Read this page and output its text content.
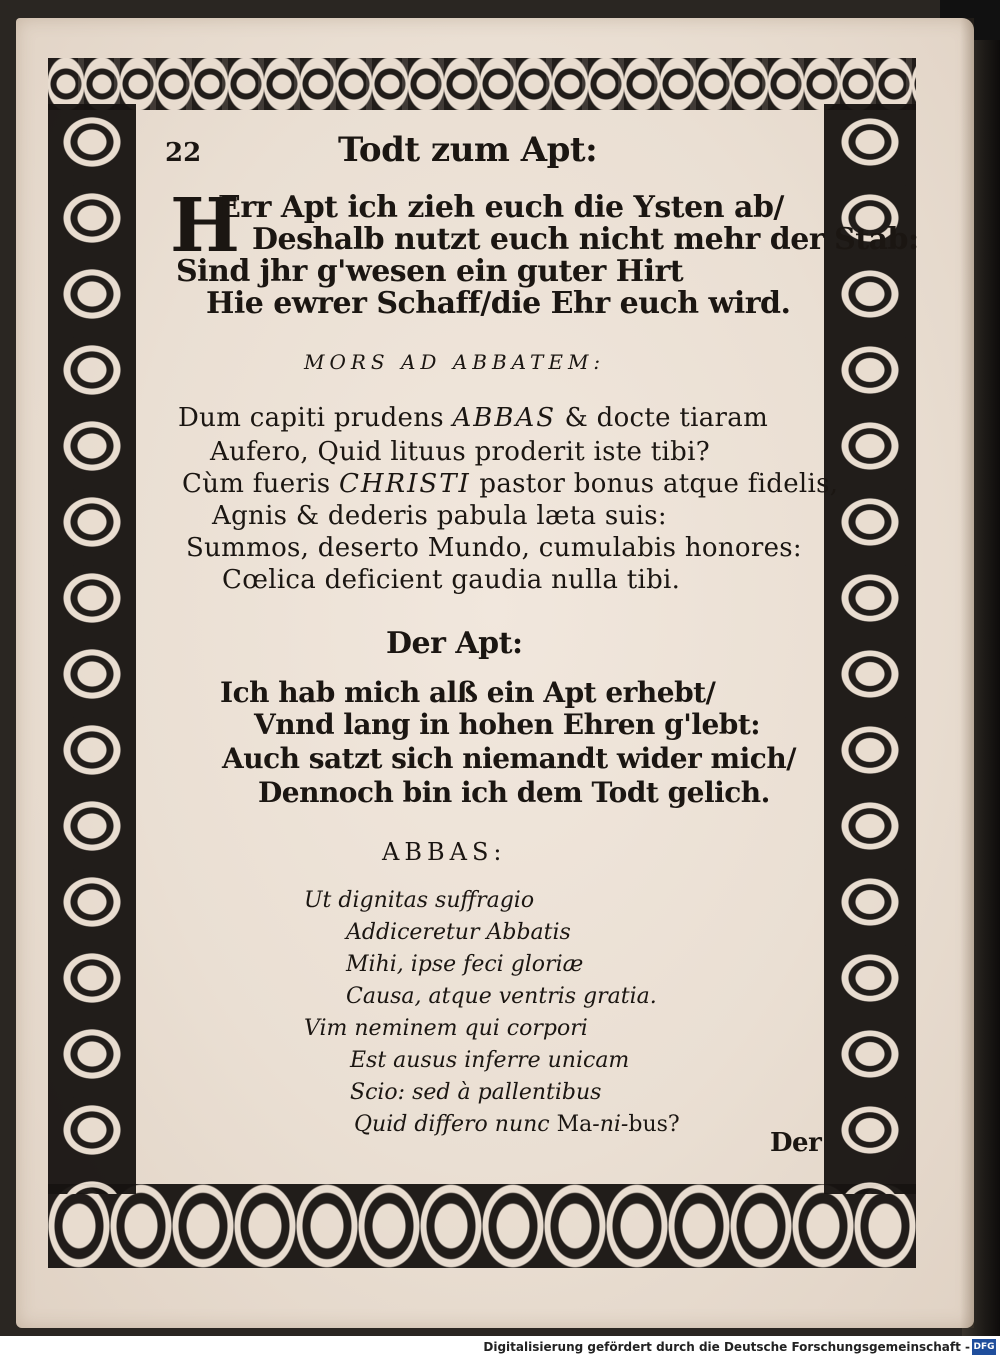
22	Todt zum Apt:
H
Err Apt ich zieh euch die Ysten ab/
Deshalb nutzt euch nicht mehr der Stab:
Sind jhr g'wesen ein guter Hirt
Hie ewrer Schaff/die Ehr euch wird.
MORS AD ABBATEM:
Dum capiti prudens ABBAS & docte tiaram
Aufero, Quid lituus proderit iste tibi?
Cùm fueris CHRISTI pastor bonus atque fidelis,
Agnis & dederis pabula læta suis:
Summos, deserto Mundo, cumulabis honores:
Cœlica deficient gaudia nulla tibi.
Der Apt:
Ich hab mich alß ein Apt erhebt/
Vnnd lang in hohen Ehren g'lebt:
Auch satzt sich niemandt wider mich/
Dennoch bin ich dem Todt gelich.
ABBAS:
Ut dignitas suffragio
Addiceretur Abbatis
Mihi, ipse feci gloriæ
Causa, atque ventris gratia.
Vim neminem qui corpori
Est ausus inferre unicam
Scio: sed à pallentibus
Quid differo nunc Ma-ni-bus?
Der
Digitalisierung gefördert durch die Deutsche Forschungsgemeinschaft - DFG
